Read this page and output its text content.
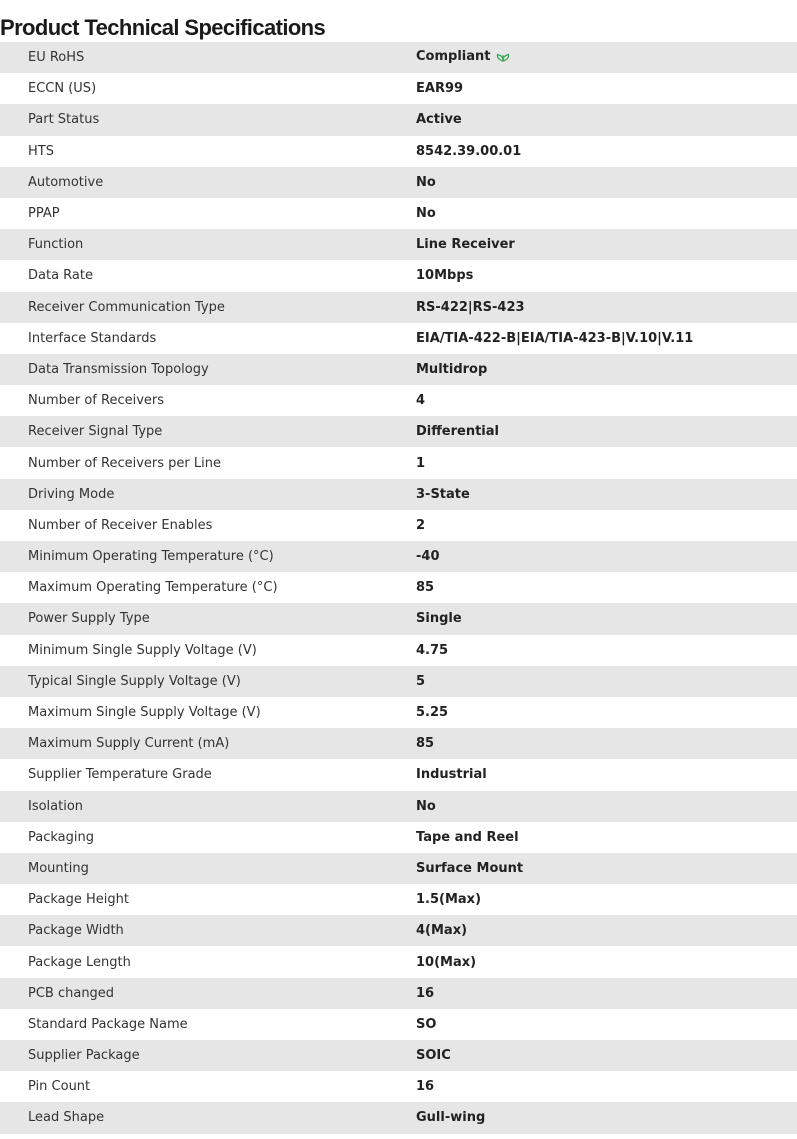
Product Technical Specifications
EU RoHS	Compliant
ECCN (US)	EAR99
Part Status	Active
HTS	8542.39.00.01
Automotive	No
PPAP	No
Function	Line Receiver
Data Rate	10Mbps
Receiver Communication Type	RS-422|RS-423
Interface Standards	EIA/TIA-422-B|EIA/TIA-423-B|V.10|V.11
Data Transmission Topology	Multidrop
Number of Receivers	4
Receiver Signal Type	Differential
Number of Receivers per Line	1
Driving Mode	3-State
Number of Receiver Enables	2
Minimum Operating Temperature (°C)	-40
Maximum Operating Temperature (°C)	85
Power Supply Type	Single
Minimum Single Supply Voltage (V)	4.75
Typical Single Supply Voltage (V)	5
Maximum Single Supply Voltage (V)	5.25
Maximum Supply Current (mA)	85
Supplier Temperature Grade	Industrial
Isolation	No
Packaging	Tape and Reel
Mounting	Surface Mount
Package Height	1.5(Max)
Package Width	4(Max)
Package Length	10(Max)
PCB changed	16
Standard Package Name	SO
Supplier Package	SOIC
Pin Count	16
Lead Shape	Gull-wing
